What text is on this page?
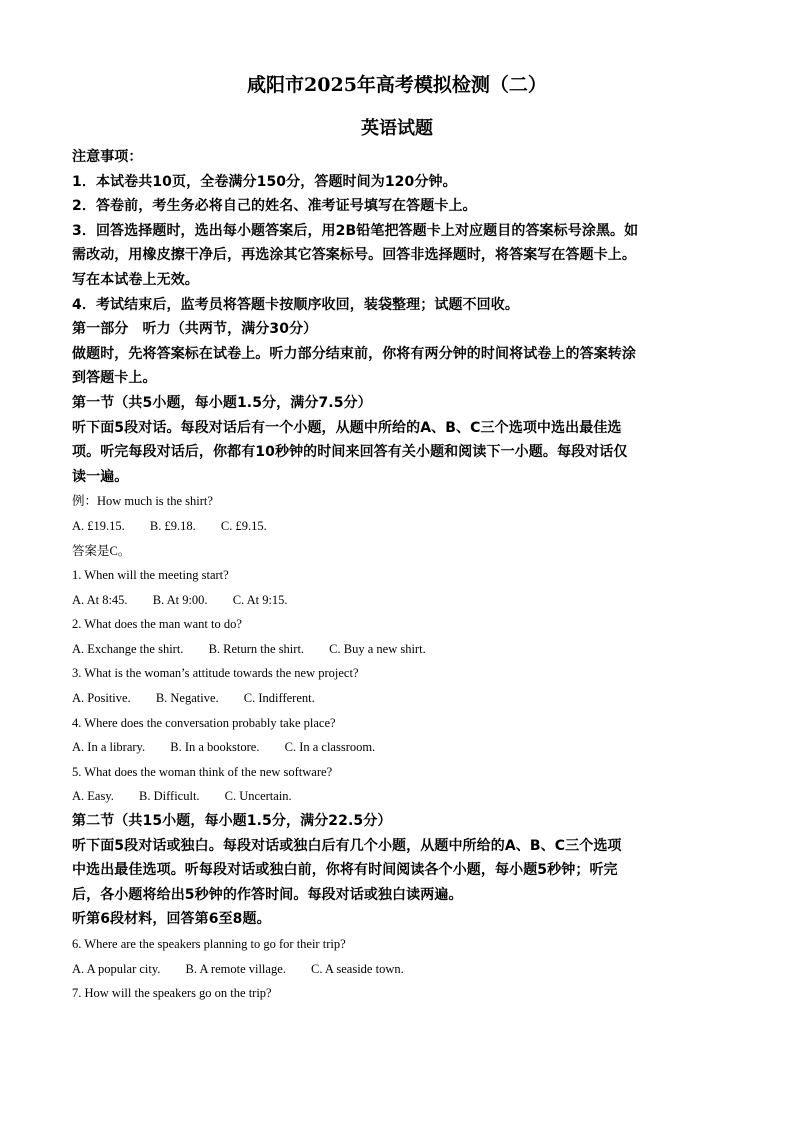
咸阳市2025年高考模拟检测（二）
英语试题

注意事项：

1．本试卷共10页，全卷满分150分，答题时间为120分钟。

2．答卷前，考生务必将自己的姓名、准考证号填写在答题卡上。

3．回答选择题时，选出每小题答案后，用2B铅笔把答题卡上对应题目的答案标号涂黑。如

需改动，用橡皮擦干净后，再选涂其它答案标号。回答非选择题时，将答案写在答题卡上。

写在本试卷上无效。

4．考试结束后，监考员将答题卡按顺序收回，装袋整理；试题不回收。

第一部分　听力（共两节，满分30分）

做题时，先将答案标在试卷上。听力部分结束前，你将有两分钟的时间将试卷上的答案转涂

到答题卡上。

第一节（共5小题，每小题1.5分，满分7.5分）

听下面5段对话。每段对话后有一个小题，从题中所给的A、B、C三个选项中选出最佳选

项。听完每段对话后，你都有10秒钟的时间来回答有关小题和阅读下一小题。每段对话仅

读一遍。

例：How much is the shirt?

A. £19.15. B. £9.18. C. £9.15.

答案是C。

1. When will the meeting start?

A. At 8:45. B. At 9:00. C. At 9:15.

2. What does the man want to do?

A. Exchange the shirt. B. Return the shirt. C. Buy a new shirt.

3. What is the woman’s attitude towards the new project?

A. Positive. B. Negative. C. Indifferent.

4. Where does the conversation probably take place?

A. In a library. B. In a bookstore. C. In a classroom.

5. What does the woman think of the new software?

A. Easy. B. Difficult. C. Uncertain.

第二节（共15小题，每小题1.5分，满分22.5分）

听下面5段对话或独白。每段对话或独白后有几个小题，从题中所给的A、B、C三个选项

中选出最佳选项。听每段对话或独白前，你将有时间阅读各个小题，每小题5秒钟；听完

后，各小题将给出5秒钟的作答时间。每段对话或独白读两遍。

听第6段材料，回答第6至8题。

6. Where are the speakers planning to go for their trip?

A. A popular city. B. A remote village. C. A seaside town.

7. How will the speakers go on the trip?
